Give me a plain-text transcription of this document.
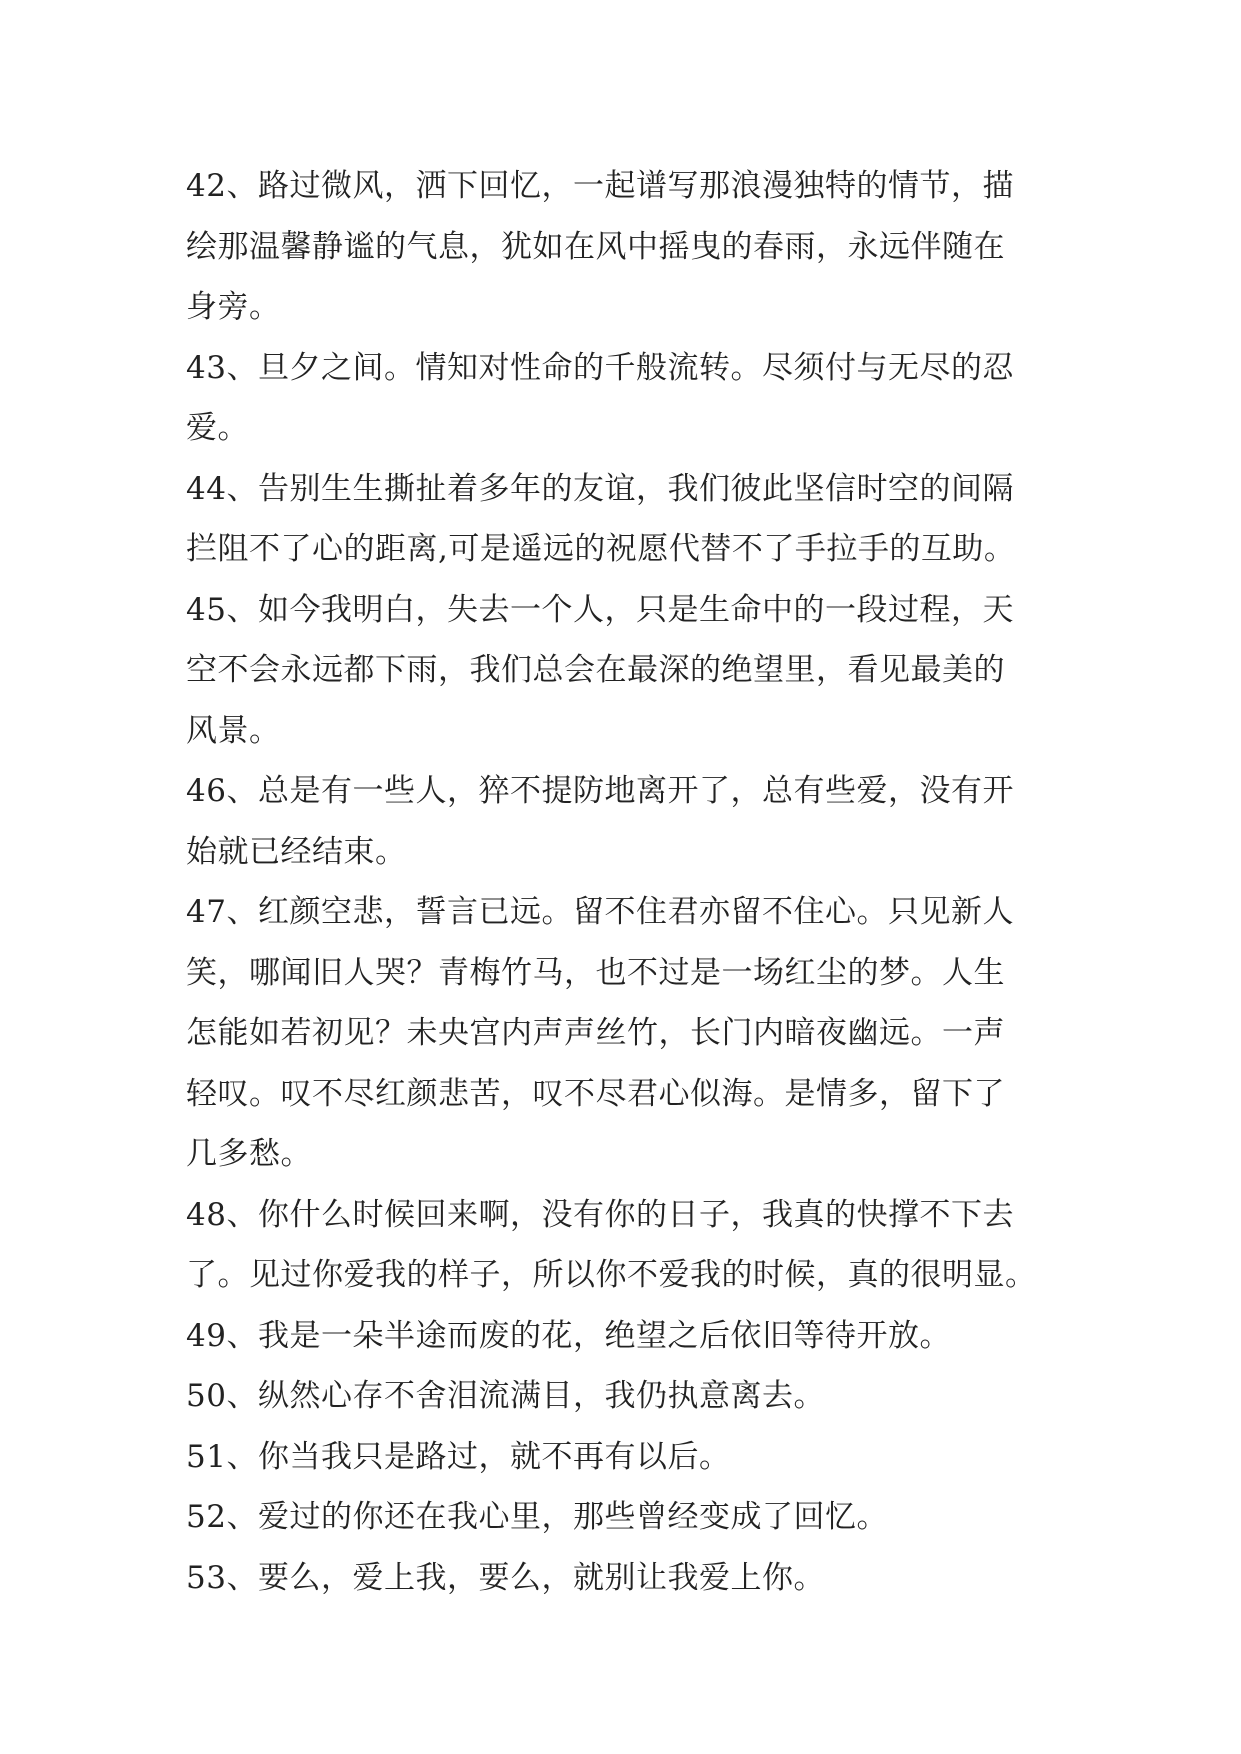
42、路过微风，洒下回忆，一起谱写那浪漫独特的情节，描
绘那温馨静谧的气息，犹如在风中摇曳的春雨，永远伴随在
身旁。
43、旦夕之间。情知对性命的千般流转。尽须付与无尽的忍
爱。
44、告别生生撕扯着多年的友谊，我们彼此坚信时空的间隔
拦阻不了心的距离,可是遥远的祝愿代替不了手拉手的互助。
45、如今我明白，失去一个人，只是生命中的一段过程，天
空不会永远都下雨，我们总会在最深的绝望里，看见最美的
风景。
46、总是有一些人，猝不提防地离开了，总有些爱，没有开
始就已经结束。
47、红颜空悲，誓言已远。留不住君亦留不住心。只见新人
笑，哪闻旧人哭？青梅竹马，也不过是一场红尘的梦。人生
怎能如若初见？未央宫内声声丝竹，长门内暗夜幽远。一声
轻叹。叹不尽红颜悲苦，叹不尽君心似海。是情多，留下了
几多愁。
48、你什么时候回来啊，没有你的日子，我真的快撑不下去
了。见过你爱我的样子，所以你不爱我的时候，真的很明显。
49、我是一朵半途而废的花，绝望之后依旧等待开放。
50、纵然心存不舍泪流满目，我仍执意离去。
51、你当我只是路过，就不再有以后。
52、爱过的你还在我心里，那些曾经变成了回忆。
53、要么，爱上我，要么，就别让我爱上你。
